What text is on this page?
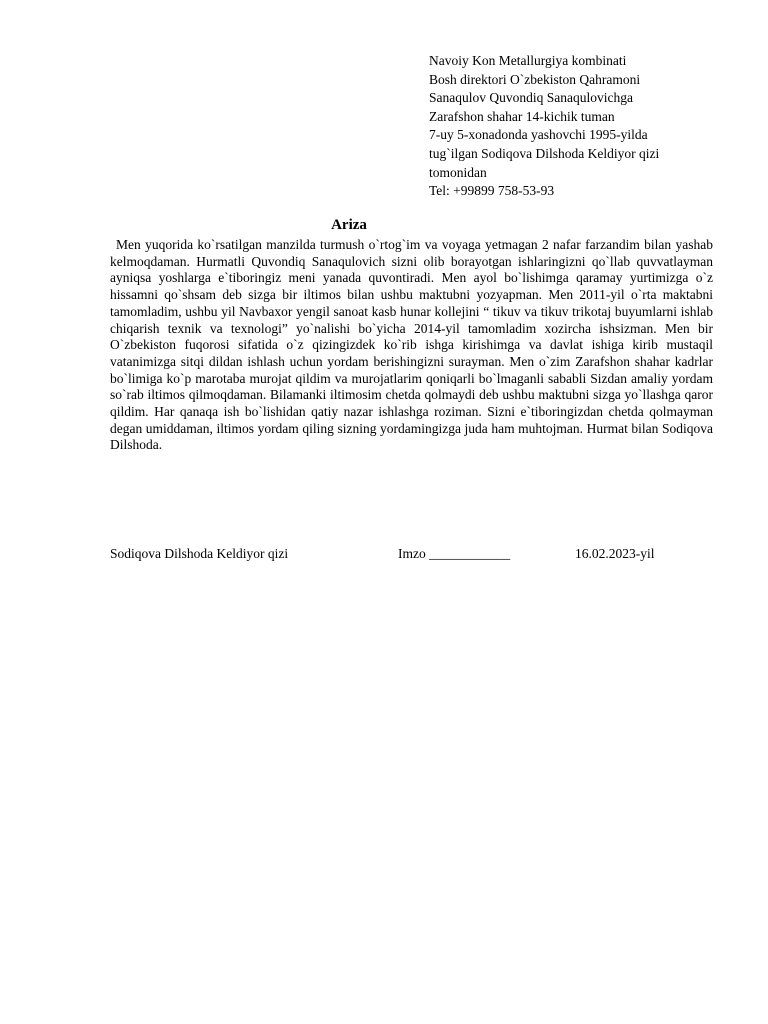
Navoiy Kon Metallurgiya kombinati
Bosh direktori O`zbekiston Qahramoni
Sanaqulov Quvondiq Sanaqulovichga
Zarafshon shahar 14-kichik tuman
7-uy 5-xonadonda yashovchi 1995-yilda
tug`ilgan Sodiqova Dilshoda Keldiyor qizi
tomonidan
Tel: +99899 758-53-93
Ariza

Men yuqorida ko`rsatilgan manzilda turmush o`rtog`im va voyaga yetmagan 2 nafar farzandim bilan yashab kelmoqdaman. Hurmatli Quvondiq Sanaqulovich sizni olib borayotgan ishlaringizni qo`llab quvvatlayman ayniqsa yoshlarga e`tiboringiz meni yanada quvontiradi. Men ayol bo`lishimga qaramay yurtimizga o`z hissamni qo`shsam deb sizga bir iltimos bilan ushbu maktubni yozyapman. Men 2011-yil o`rta maktabni tamomladim, ushbu yil Navbaxor yengil sanoat kasb hunar kollejini “ tikuv va tikuv trikotaj buyumlarni ishlab chiqarish texnik va texnologi” yo`nalishi bo`yicha 2014-yil tamomladim xozircha ishsizman. Men bir O`zbekiston fuqorosi sifatida o`z qizingizdek ko`rib ishga kirishimga va davlat ishiga kirib mustaqil vatanimizga sitqi dildan ishlash uchun yordam berishingizni surayman. Men o`zim Zarafshon shahar kadrlar bo`limiga ko`p marotaba murojat qildim va murojatlarim qoniqarli bo`lmaganli sababli Sizdan amaliy yordam so`rab iltimos qilmoqdaman. Bilamanki iltimosim chetda qolmaydi deb ushbu maktubni sizga yo`llashga qaror qildim. Har qanaqa ish bo`lishidan qatiy nazar ishlashga roziman. Sizni e`tiboringizdan chetda qolmayman degan umiddaman, iltimos yordam qiling sizning yordamingizga juda ham muhtojman. Hurmat bilan Sodiqova Dilshoda.

Sodiqova Dilshoda Keldiyor qizi	Imzo ____________	16.02.2023-yil
